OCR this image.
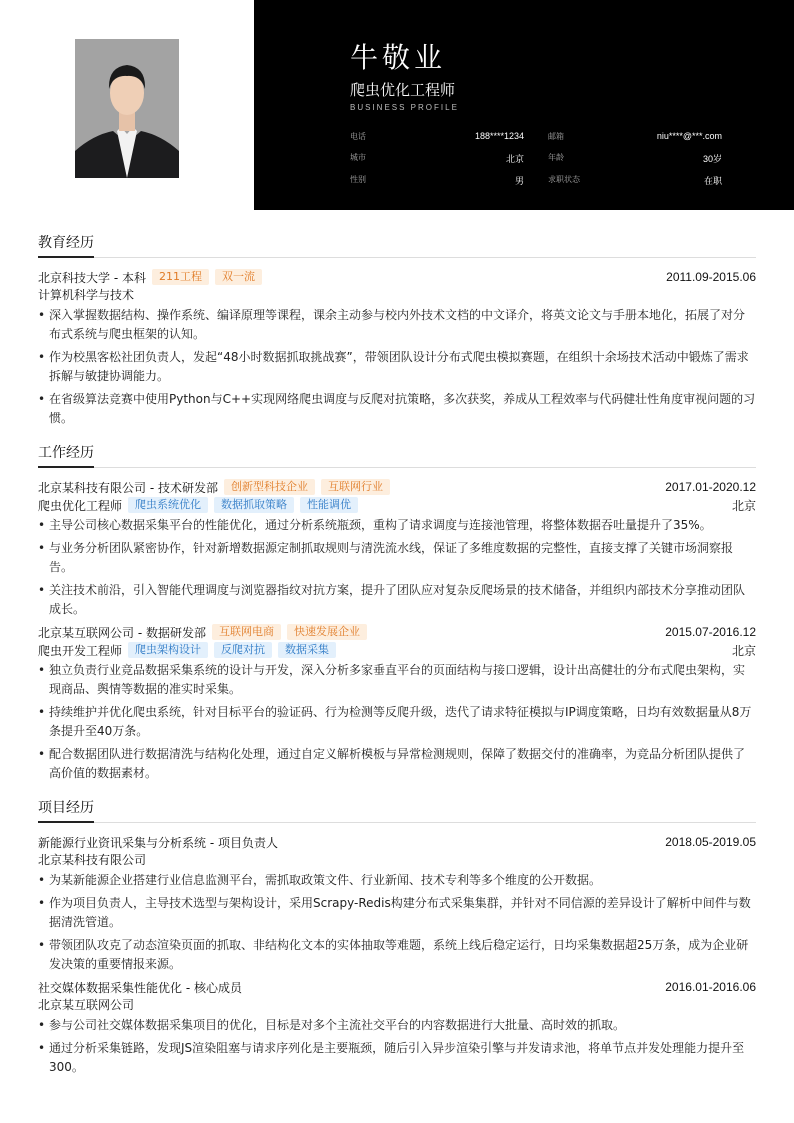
牛敬业
爬虫优化工程师
BUSINESS PROFILE
电话	188****1234	邮箱	niu****@***.com
城市	北京	年龄	30岁
性别	男	求职状态	在职
教育经历
北京科技大学 - 本科	211工程	双一流	2011.09-2015.06
计算机科学与技术
• 深入掌握数据结构、操作系统、编译原理等课程，课余主动参与校内外技术文档的中文译介，将英文论文与手册本地化，拓展了对分布式系统与爬虫框架的认知。
• 作为校黑客松社团负责人，发起“48小时数据抓取挑战赛”，带领团队设计分布式爬虫模拟赛题，在组织十余场技术活动中锻炼了需求拆解与敏捷协调能力。
• 在省级算法竞赛中使用Python与C++实现网络爬虫调度与反爬对抗策略，多次获奖，养成从工程效率与代码健壮性角度审视问题的习惯。
工作经历
北京某科技有限公司 - 技术研发部	创新型科技企业	互联网行业	2017.01-2020.12
爬虫优化工程师	爬虫系统优化	数据抓取策略	性能调优	北京
• 主导公司核心数据采集平台的性能优化，通过分析系统瓶颈，重构了请求调度与连接池管理，将整体数据吞吐量提升了35%。
• 与业务分析团队紧密协作，针对新增数据源定制抓取规则与清洗流水线，保证了多维度数据的完整性，直接支撑了关键市场洞察报告。
• 关注技术前沿，引入智能代理调度与浏览器指纹对抗方案，提升了团队应对复杂反爬场景的技术储备，并组织内部技术分享推动团队成长。
北京某互联网公司 - 数据研发部	互联网电商	快速发展企业	2015.07-2016.12
爬虫开发工程师	爬虫架构设计	反爬对抗	数据采集	北京
• 独立负责行业竞品数据采集系统的设计与开发，深入分析多家垂直平台的页面结构与接口逻辑，设计出高健壮的分布式爬虫架构，实现商品、舆情等数据的准实时采集。
• 持续维护并优化爬虫系统，针对目标平台的验证码、行为检测等反爬升级，迭代了请求特征模拟与IP调度策略，日均有效数据量从8万条提升至40万条。
• 配合数据团队进行数据清洗与结构化处理，通过自定义解析模板与异常检测规则，保障了数据交付的准确率，为竞品分析团队提供了高价值的数据素材。
项目经历
新能源行业资讯采集与分析系统 - 项目负责人	2018.05-2019.05
北京某科技有限公司
• 为某新能源企业搭建行业信息监测平台，需抓取政策文件、行业新闻、技术专利等多个维度的公开数据。
• 作为项目负责人，主导技术选型与架构设计，采用Scrapy-Redis构建分布式采集集群，并针对不同信源的差异设计了解析中间件与数据清洗管道。
• 带领团队攻克了动态渲染页面的抓取、非结构化文本的实体抽取等难题，系统上线后稳定运行，日均采集数据超25万条，成为企业研发决策的重要情报来源。
社交媒体数据采集性能优化 - 核心成员	2016.01-2016.06
北京某互联网公司
• 参与公司社交媒体数据采集项目的优化，目标是对多个主流社交平台的内容数据进行大批量、高时效的抓取。
• 通过分析采集链路，发现JS渲染阻塞与请求序列化是主要瓶颈，随后引入异步渲染引擎与并发请求池，将单节点并发处理能力提升至300。
